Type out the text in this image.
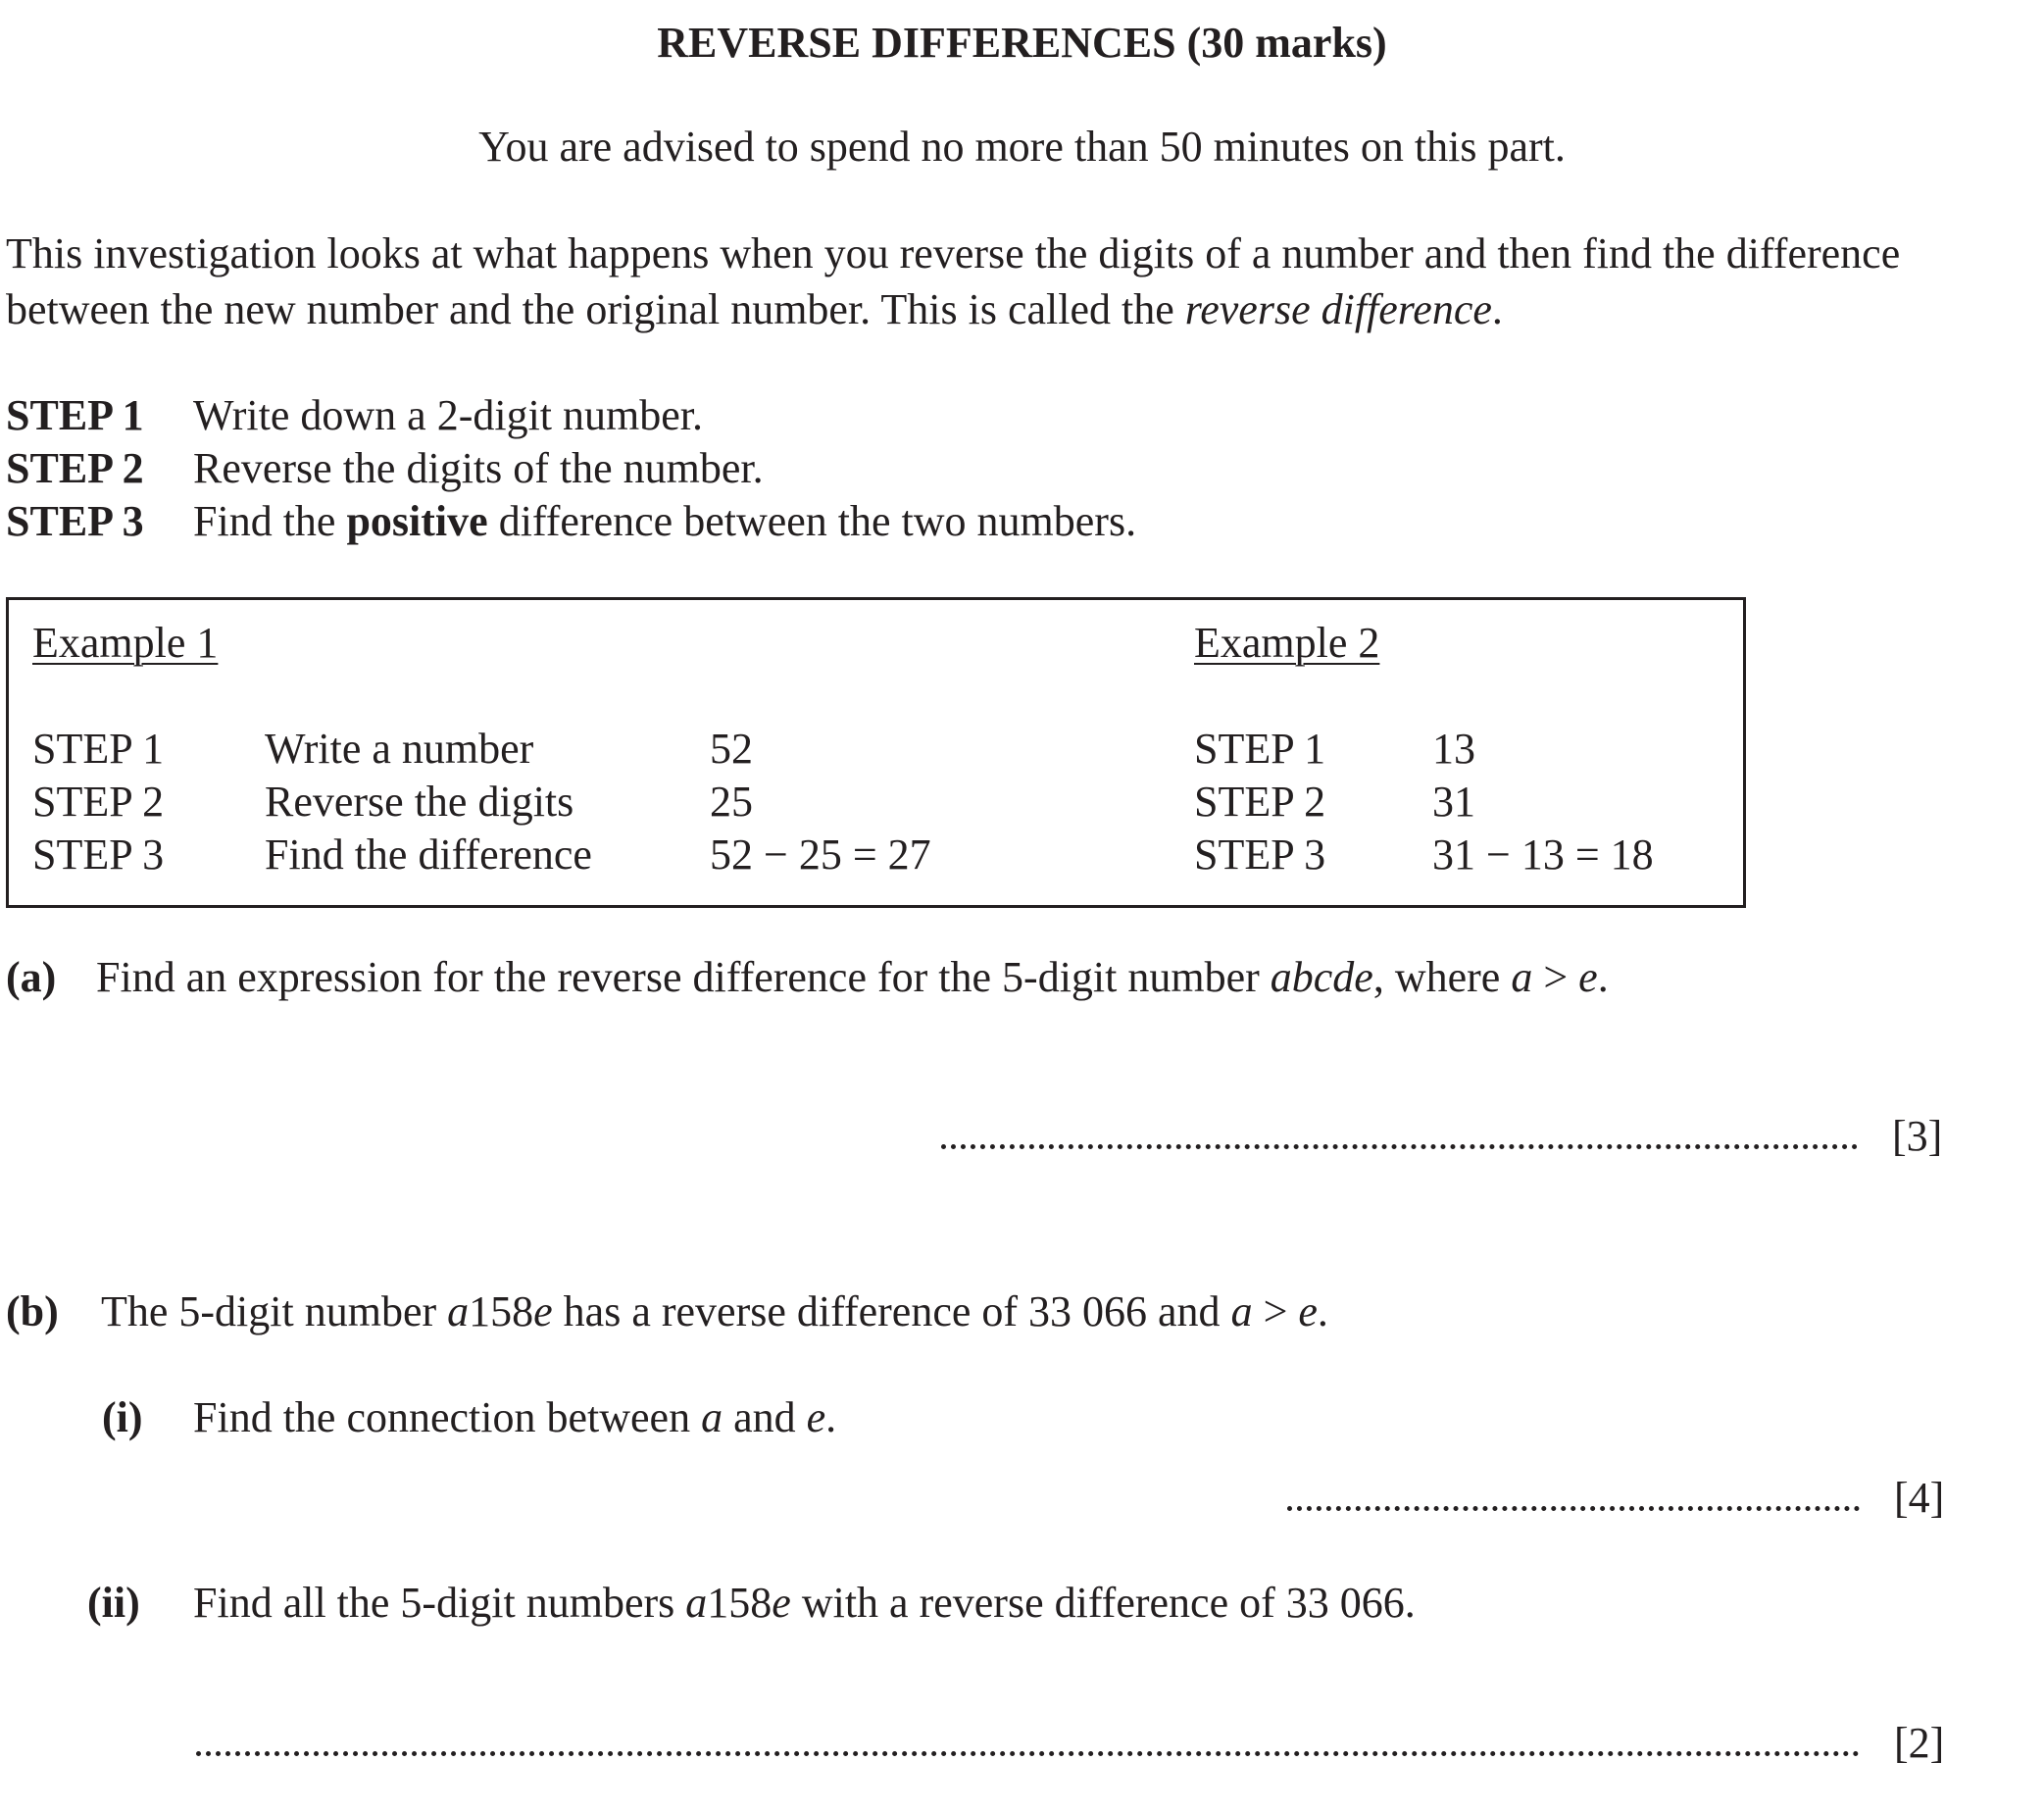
REVERSE DIFFERENCES (30 marks)
You are advised to spend no more than 50 minutes on this part.
This investigation looks at what happens when you reverse the digits of a number and then find the difference
between the new number and the original number. This is called the reverse difference.
STEP 1 Write down a 2-digit number.
STEP 2 Reverse the digits of the number.
STEP 3 Find the positive difference between the two numbers.
Example 1
STEP 1 Write a number	52
STEP 2 Reverse the digits	25
STEP 3 Find the difference	52 − 25 = 27
Example 2
STEP 1 13
STEP 2 31
STEP 3 31 − 13 = 18
(a) Find an expression for the reverse difference for the 5-digit number abcde, where a > e.
[3]
(b) The 5-digit number a158e has a reverse difference of 33 066 and a > e.
(i) Find the connection between a and e.
[4]
(ii) Find all the 5-digit numbers a158e with a reverse difference of 33 066.
[2]
